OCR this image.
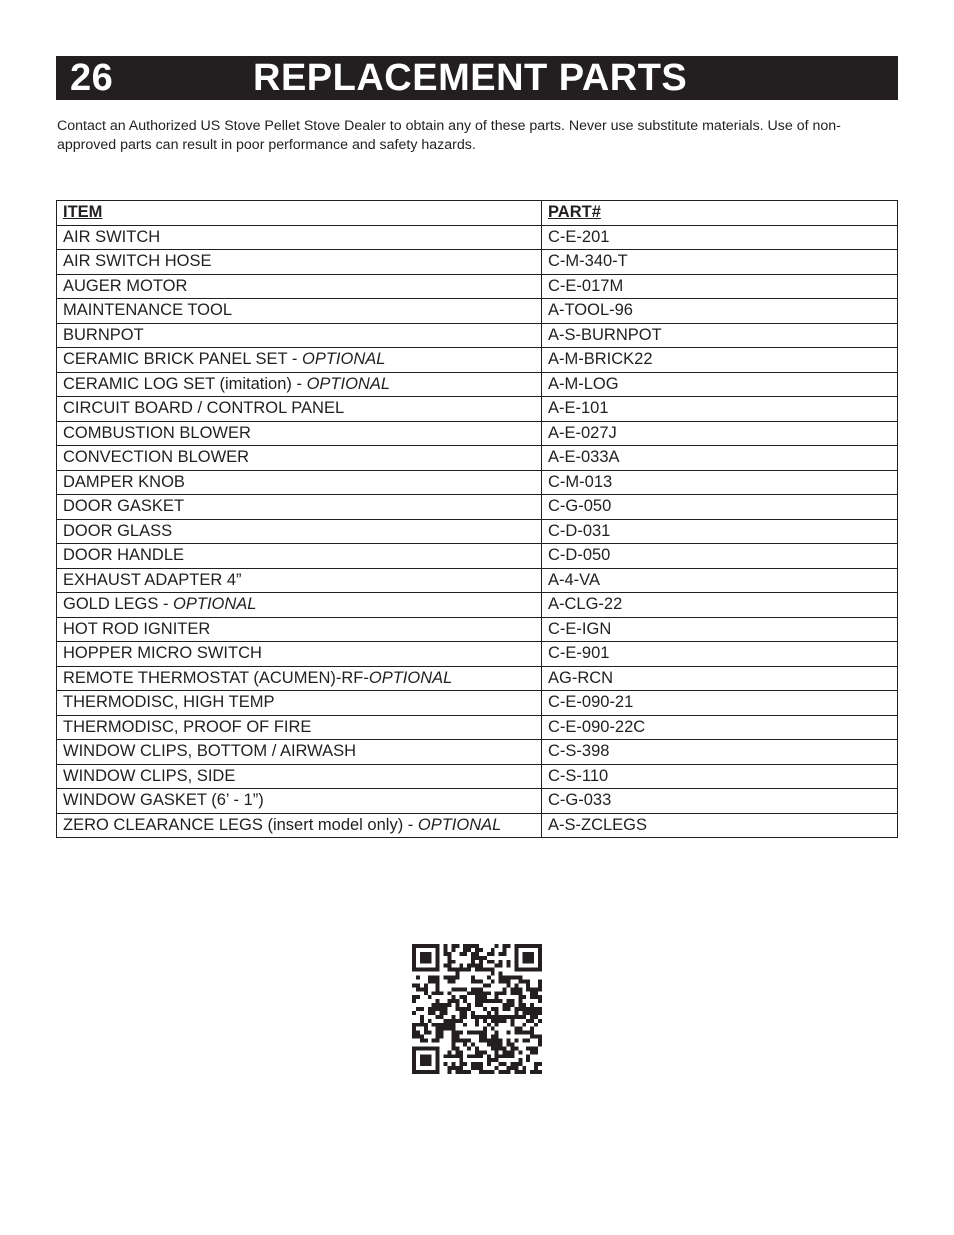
26	REPLACEMENT PARTS
Contact an Authorized US Stove Pellet Stove Dealer to obtain any of these parts. Never use substitute materials. Use of non-approved parts can result in poor performance and safety hazards.
ITEM	PART#
AIR SWITCH	C-E-201
AIR SWITCH HOSE	C-M-340-T
AUGER MOTOR	C-E-017M
MAINTENANCE TOOL	A-TOOL-96
BURNPOT	A-S-BURNPOT
CERAMIC BRICK PANEL SET - OPTIONAL	A-M-BRICK22
CERAMIC LOG SET (imitation) - OPTIONAL	A-M-LOG
CIRCUIT BOARD / CONTROL PANEL	A-E-101
COMBUSTION BLOWER	A-E-027J
CONVECTION BLOWER	A-E-033A
DAMPER KNOB	C-M-013
DOOR GASKET	C-G-050
DOOR GLASS	C-D-031
DOOR HANDLE	C-D-050
EXHAUST ADAPTER 4”	A-4-VA
GOLD LEGS - OPTIONAL	A-CLG-22
HOT ROD IGNITER	C-E-IGN
HOPPER MICRO SWITCH	C-E-901
REMOTE THERMOSTAT (ACUMEN)-RF-OPTIONAL	AG-RCN
THERMODISC, HIGH TEMP	C-E-090-21
THERMODISC, PROOF OF FIRE	C-E-090-22C
WINDOW CLIPS, BOTTOM / AIRWASH	C-S-398
WINDOW CLIPS, SIDE	C-S-110
WINDOW GASKET (6’ - 1”)	C-G-033
ZERO CLEARANCE LEGS (insert model only) - OPTIONAL	A-S-ZCLEGS
